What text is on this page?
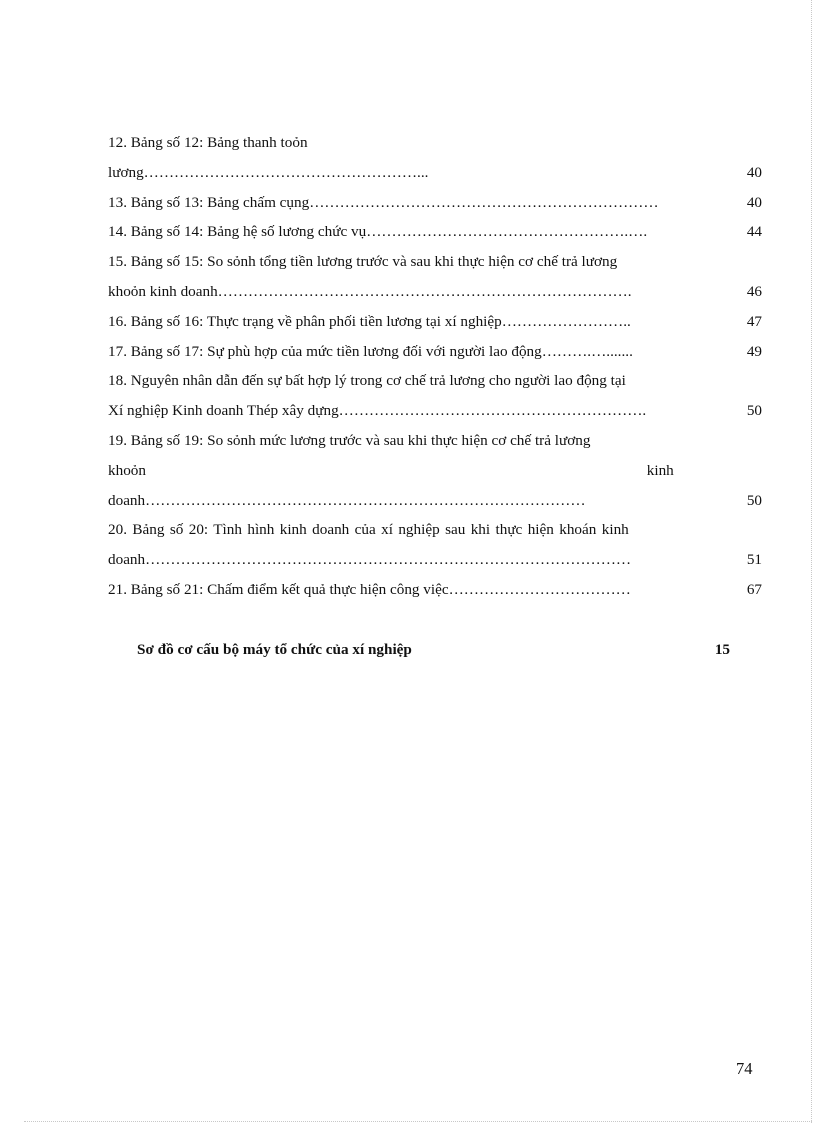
12. Bảng số 12: Bảng thanh toỏn
lương………………………………………………...	40
13. Bảng số 13: Bảng chấm cụng……………………………………………………………	40
14. Bảng số 14: Bảng hệ số lương chức vụ…………………………………………….….	44
15. Bảng số 15: So sỏnh tổng tiền lương trước và sau khi thực hiện cơ chế trả lương
khoỏn kinh doanh……………………………………………………………………….	46
16. Bảng số 16: Thực trạng về phân phối tiền lương tại xí nghiệp……………………..	47
17. Bảng số 17: Sự phù hợp của mức tiền lương đối với người lao động……….….......	49
18. Nguyên nhân dẫn đến sự bất hợp lý trong cơ chế trả lương cho người lao động tại
Xí nghiệp Kinh doanh Thép xây dựng…………………………………………………….	50
19. Bảng số 19: So sỏnh mức lương trước và sau khi thực hiện cơ chế trả lương
khoỏn kinh
doanh……………………………………………………………………………	50
20. Bảng số 20: Tình hình kinh doanh của xí nghiệp sau khi thực hiện khoán kinh
doanh……………………………………………………………………………………	51
21. Bảng số 21: Chấm điểm kết quả thực hiện công việc………………………………	67
Sơ đồ cơ cấu bộ máy tổ chức của xí nghiệp	15
74
